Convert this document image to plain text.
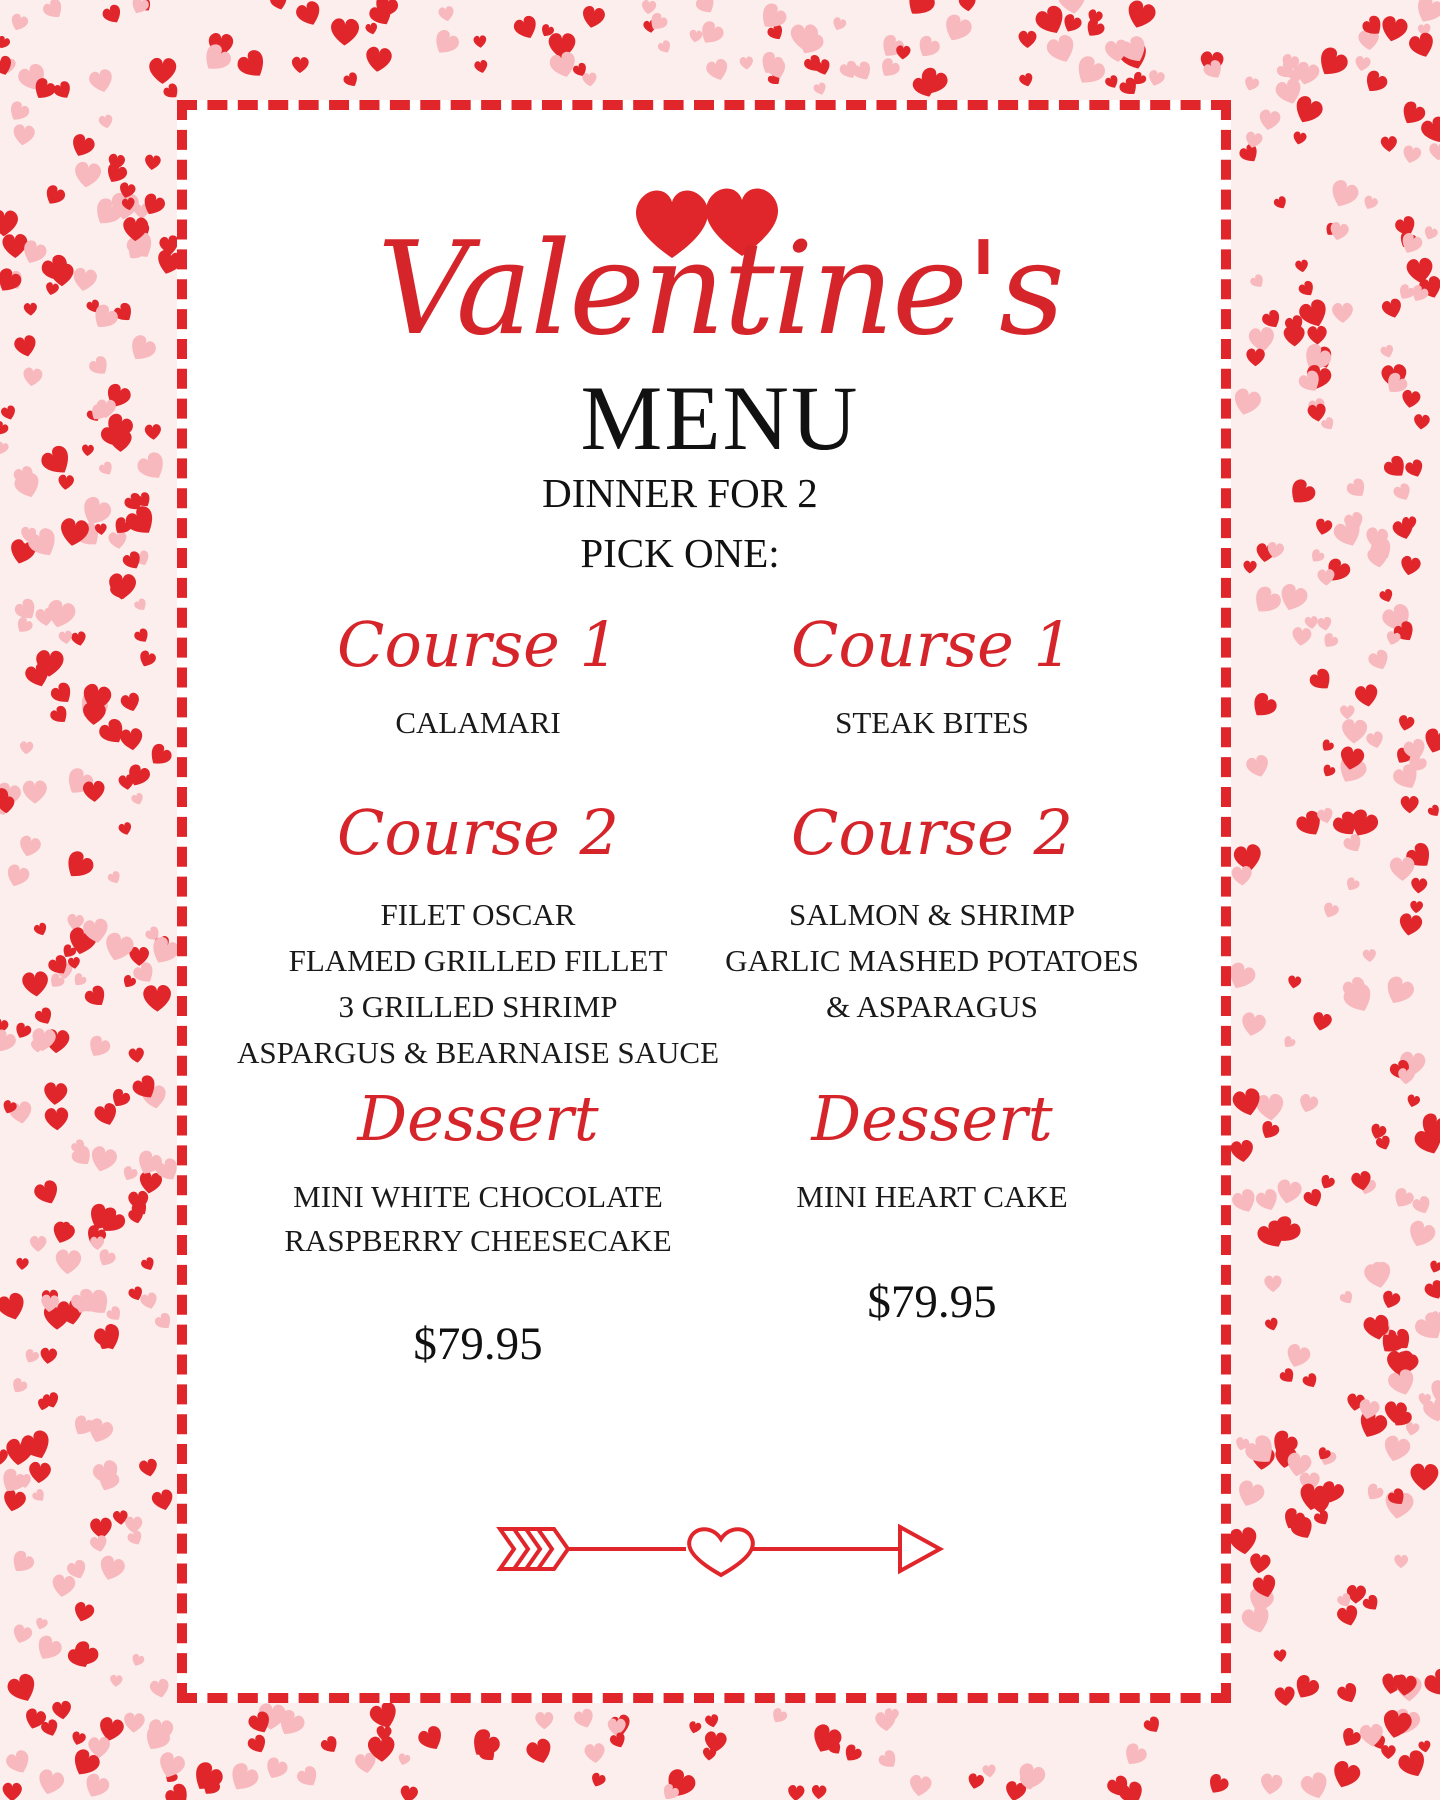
Valentine's
MENU
DINNER FOR 2
PICK ONE:
Course 1
CALAMARI
Course 2
FILET OSCAR
FLAMED GRILLED FILLET
3 GRILLED SHRIMP
ASPARGUS & BEARNAISE SAUCE
Dessert
MINI WHITE CHOCOLATE
RASPBERRY CHEESECAKE
$79.95
Course 1
STEAK BITES
Course 2
SALMON & SHRIMP
GARLIC MASHED POTATOES
& ASPARAGUS
Dessert
MINI HEART CAKE
$79.95
